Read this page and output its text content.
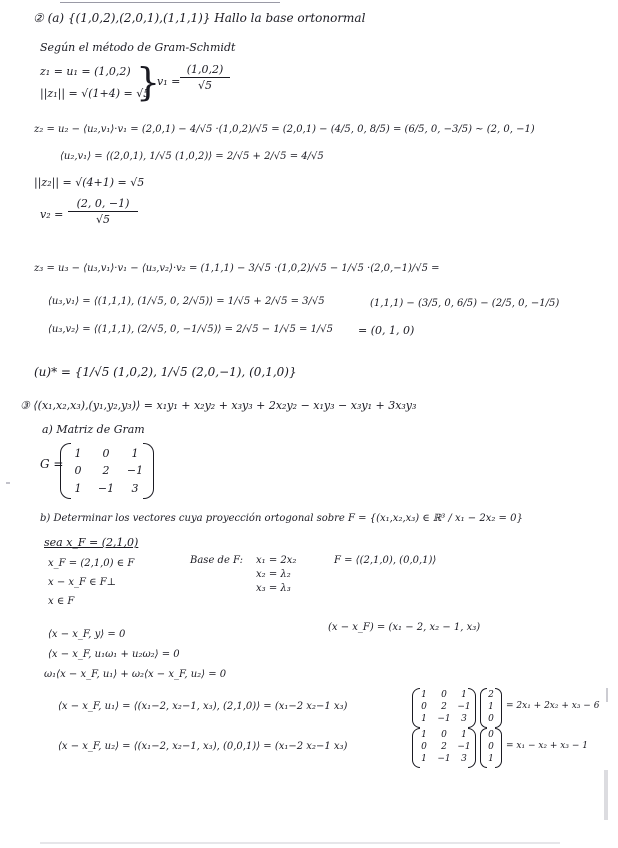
② (a) {(1,0,2),(2,0,1),(1,1,1)} Hallo la base ortonormal
Según el método de Gram-Schmidt
z₁ = u₁ = (1,0,2)
||z₁|| = √(1+4) = √5
}
v₁ =
(1,0,2)
√5
z₂ = u₂ − ⟨u₂,v₁⟩·v₁ = (2,0,1) − 4/√5 ·(1,0,2)/√5 = (2,0,1) − (4/5, 0, 8/5) = (6/5, 0, −3/5) ~ (2, 0, −1)
⟨u₂,v₁⟩ = ⟨(2,0,1), 1/√5 (1,0,2)⟩ = 2/√5 + 2/√5 = 4/√5
||z₂|| = √(4+1) = √5
v₂ =
(2, 0, −1)
√5
z₃ = u₃ − ⟨u₃,v₁⟩·v₁ − ⟨u₃,v₂⟩·v₂ = (1,1,1) − 3/√5 ·(1,0,2)/√5 − 1/√5 ·(2,0,−1)/√5 =
⟨u₃,v₁⟩ = ⟨(1,1,1), (1/√5, 0, 2/√5)⟩ = 1/√5 + 2/√5 = 3/√5
⟨u₃,v₂⟩ = ⟨(1,1,1), (2/√5, 0, −1/√5)⟩ = 2/√5 − 1/√5 = 1/√5
(1,1,1) − (3/5, 0, 6/5) − (2/5, 0, −1/5)
= (0, 1, 0)
(u)* = {1/√5 (1,0,2), 1/√5 (2,0,−1), (0,1,0)}
③ ⟨(x₁,x₂,x₃),(y₁,y₂,y₃)⟩ = x₁y₁ + x₂y₂ + x₃y₃ + 2x₂y₂ − x₁y₃ − x₃y₁ + 3x₃y₃
a) Matriz de Gram
G =
1	0	1
0	2	−1
1	−1	3
b) Determinar los vectores cuya proyección ortogonal sobre F = {(x₁,x₂,x₃) ∈ ℝ³ / x₁ − 2x₂ = 0}
sea x_F = (2,1,0)
x_F = (2,1,0) ∈ F
x − x_F ∈ F⊥
x ∈ F
Base de F: x₁ = 2x₂
x₂ = λ₂
x₃ = λ₃
F = ⟨(2,1,0), (0,0,1)⟩
(x − x_F) = (x₁ − 2, x₂ − 1, x₃)
⟨x − x_F, y⟩ = 0
⟨x − x_F, u₁ω₁ + u₂ω₂⟩ = 0
ω₁⟨x − x_F, u₁⟩ + ω₂⟨x − x_F, u₂⟩ = 0
⟨x − x_F, u₁⟩ = ⟨(x₁−2, x₂−1, x₃), (2,1,0)⟩ = (x₁−2 x₂−1 x₃)
1	0	1
0	2	−1
1	−1	3
2
1
0
= 2x₁ + 2x₂ + x₃ − 6
⟨x − x_F, u₂⟩ = ⟨(x₁−2, x₂−1, x₃), (0,0,1)⟩ = (x₁−2 x₂−1 x₃)
1	0	1
0	2	−1
1	−1	3
0
0
1
= x₁ − x₂ + x₃ − 1
